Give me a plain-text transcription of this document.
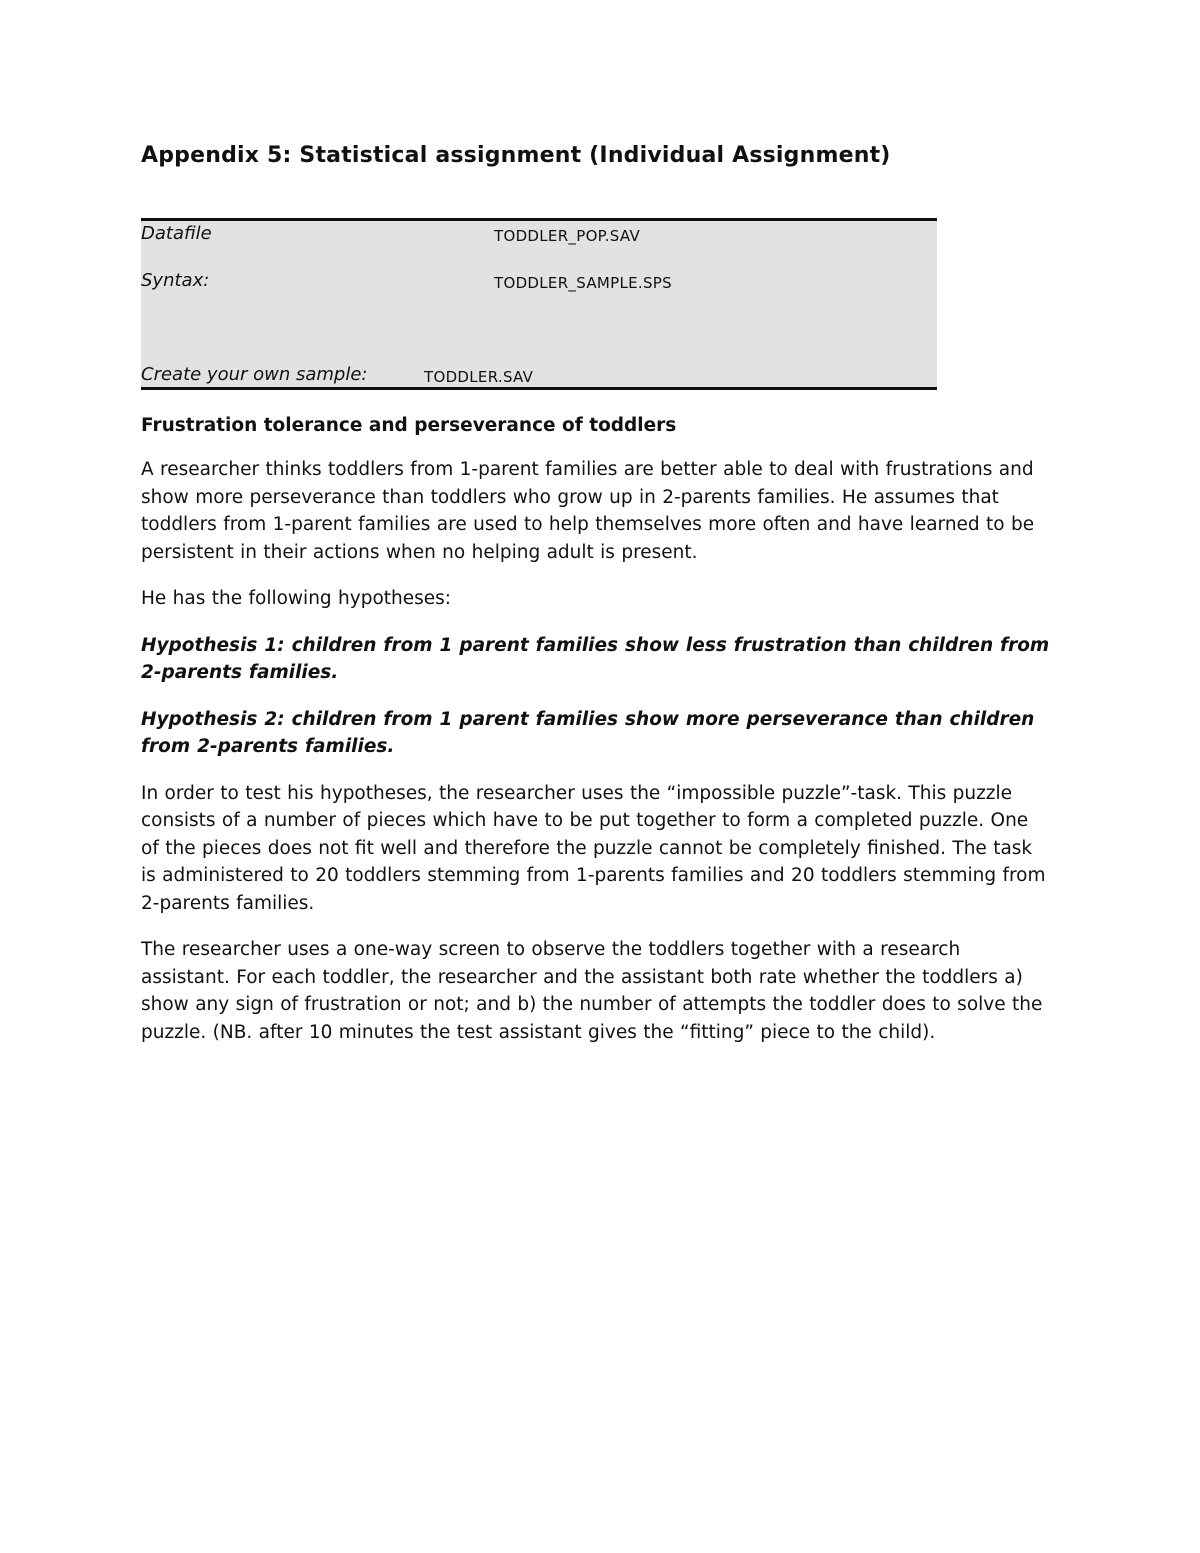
Appendix 5: Statistical assignment (Individual Assignment)
Datafile	TODDLER_POP.SAV
Syntax:	TODDLER_SAMPLE.SPS
Create your own sample:	TODDLER.SAV
Frustration tolerance and perseverance of toddlers

A researcher thinks toddlers from 1-parent families are better able to deal with frustrations and show more perseverance than toddlers who grow up in 2-parents families. He assumes that toddlers from 1-parent families are used to help themselves more often and have learned to be persistent in their actions when no helping adult is present.

He has the following hypotheses:

Hypothesis 1: children from 1 parent families show less frustration than children from 2-parents families.

Hypothesis 2: children from 1 parent families show more perseverance than children from 2-parents families.

In order to test his hypotheses, the researcher uses the “impossible puzzle”-task. This puzzle consists of a number of pieces which have to be put together to form a completed puzzle. One of the pieces does not fit well and therefore the puzzle cannot be completely finished. The task is administered to 20 toddlers stemming from 1-parents families and 20 toddlers stemming from 2-parents families.

The researcher uses a one-way screen to observe the toddlers together with a research assistant. For each toddler, the researcher and the assistant both rate whether the toddlers a) show any sign of frustration or not; and b) the number of attempts the toddler does to solve the puzzle. (NB. after 10 minutes the test assistant gives the “fitting” piece to the child).
